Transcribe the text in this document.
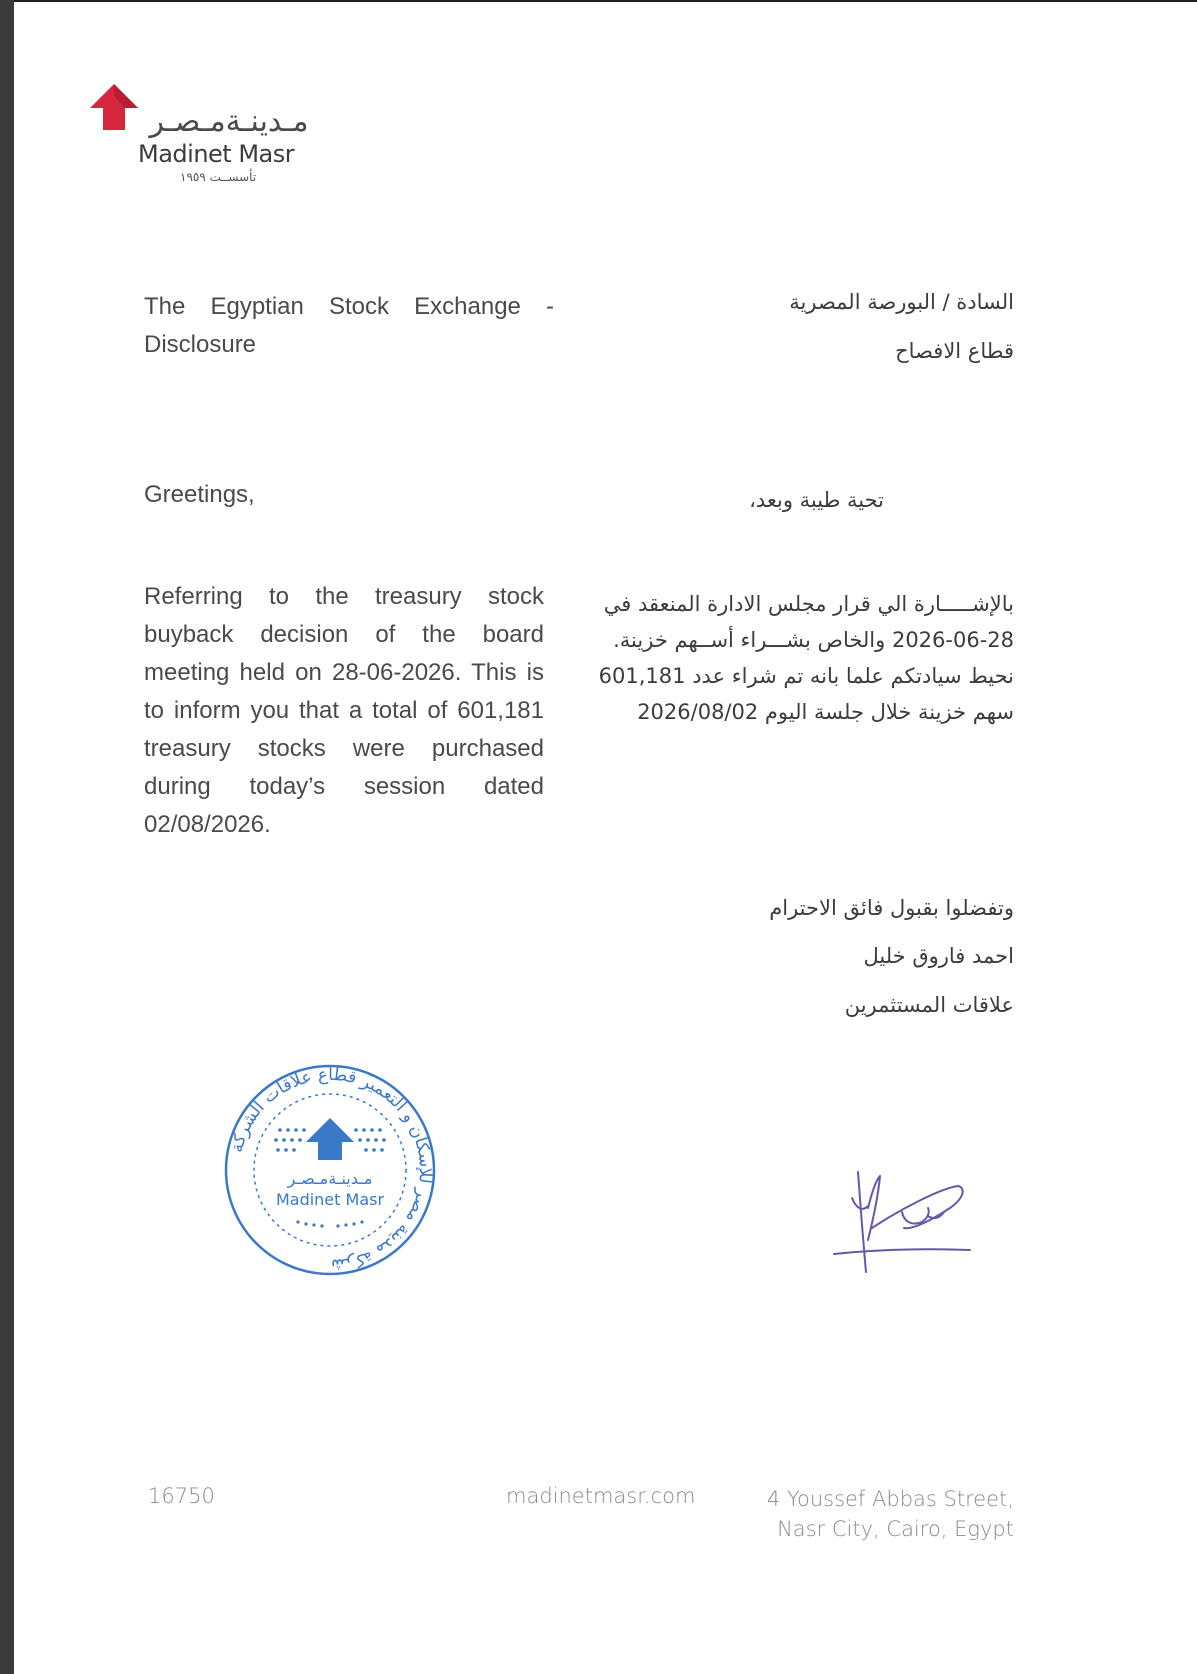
مـدينـةمـصـر
Madinet Masr
تأسســت ١٩٥٩
The Egyptian Stock Exchange - Disclosure
السادة / البورصة المصرية
قطاع الافصاح
Greetings,	تحية طيبة وبعد،
Referring to the treasury stock buyback decision of the board meeting held on 28-06-2026. This is to inform you that a total of 601,181 treasury stocks were purchased during today’s session dated 02/08/2026.
بالإشـــــارة الي قرار مجلس الادارة المنعقد في
2026-06-28 والخاص بشـــراء أســهم خزينة.
نحيط سيادتكم علما بانه تم شراء عدد 601,181
سهم خزينة خلال جلسة اليوم 2026/08/02
وتفضلوا بقبول فائق الاحترام
احمد فاروق خليل
علاقات المستثمرين
شركة مدينة مصر للإسكان و التعمير قطاع علاقات الشركة
مـدينـةمـصـر
Madinet Masr
16750	madinetmasr.com	4 Youssef Abbas Street,
Nasr City, Cairo, Egypt
